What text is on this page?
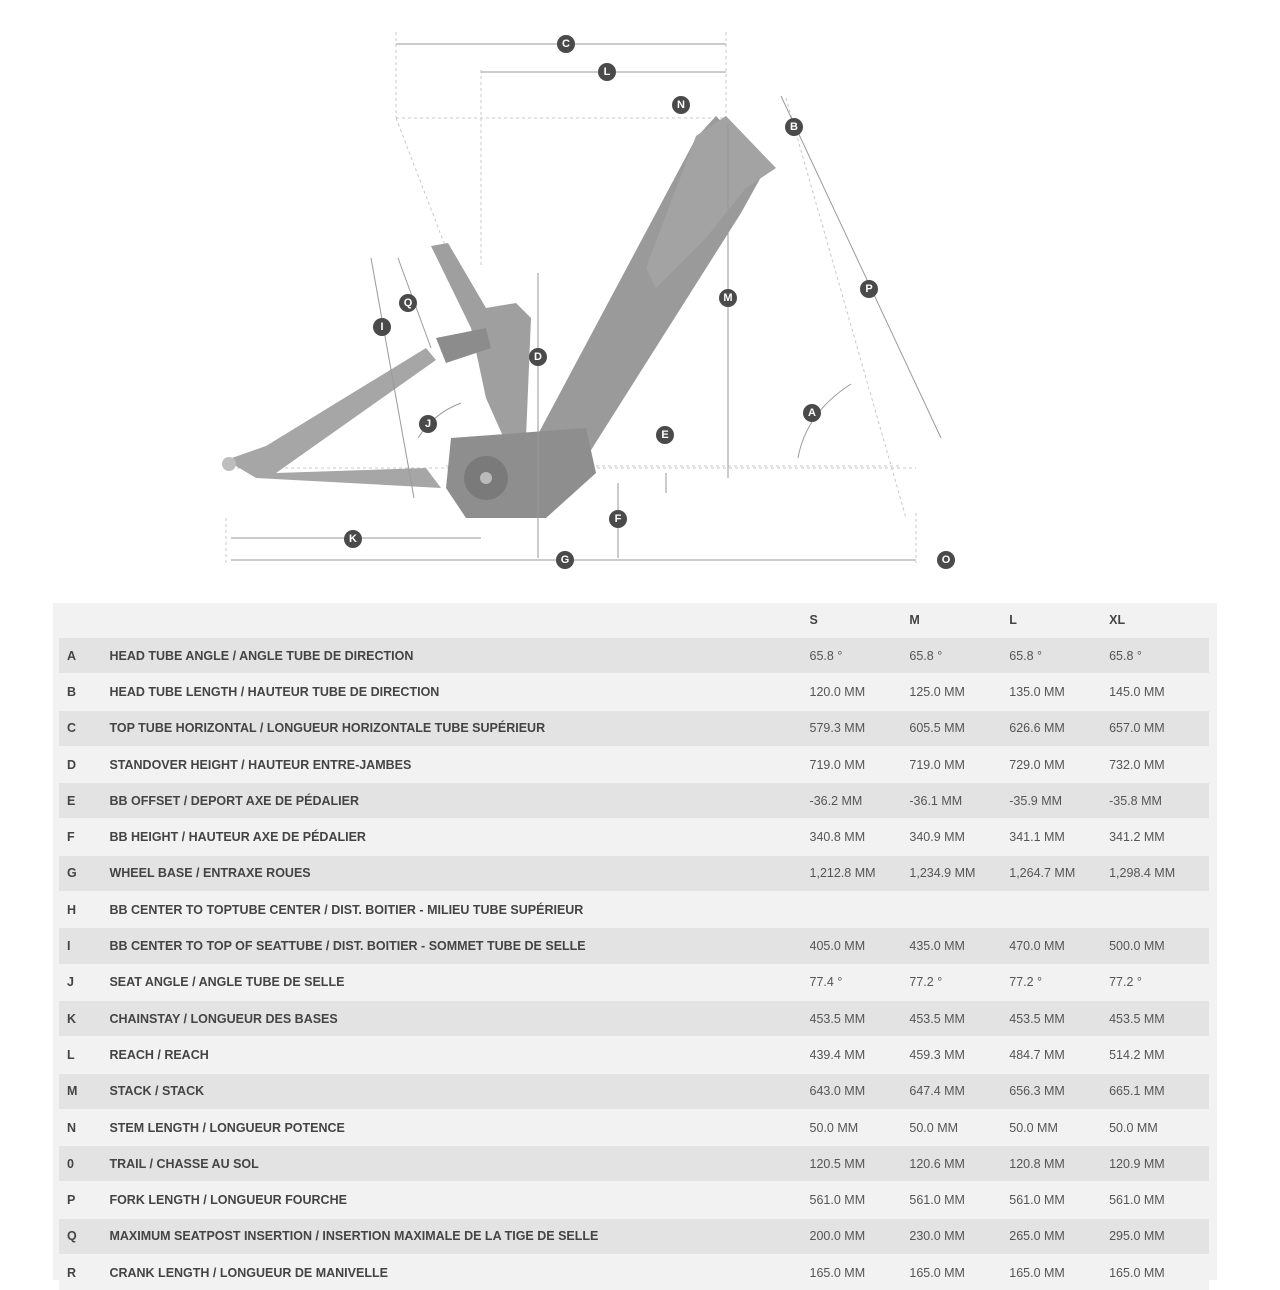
C
L
N
B
M
P
Q
I
D
A
J
E
F
K
G	O
		S	M	L	XL
A	HEAD TUBE ANGLE / ANGLE TUBE DE DIRECTION	65.8 °	65.8 °	65.8 °	65.8 °
B	HEAD TUBE LENGTH / HAUTEUR TUBE DE DIRECTION	120.0 MM	125.0 MM	135.0 MM	145.0 MM
C	TOP TUBE HORIZONTAL / LONGUEUR HORIZONTALE TUBE SUPÉRIEUR	579.3 MM	605.5 MM	626.6 MM	657.0 MM
D	STANDOVER HEIGHT / HAUTEUR ENTRE-JAMBES	719.0 MM	719.0 MM	729.0 MM	732.0 MM
E	BB OFFSET / DEPORT AXE DE PÉDALIER	-36.2 MM	-36.1 MM	-35.9 MM	-35.8 MM
F	BB HEIGHT / HAUTEUR AXE DE PÉDALIER	340.8 MM	340.9 MM	341.1 MM	341.2 MM
G	WHEEL BASE / ENTRAXE ROUES	1,212.8 MM	1,234.9 MM	1,264.7 MM	1,298.4 MM
H	BB CENTER TO TOPTUBE CENTER / DIST. BOITIER - MILIEU TUBE SUPÉRIEUR				
I	BB CENTER TO TOP OF SEATTUBE / DIST. BOITIER - SOMMET TUBE DE SELLE	405.0 MM	435.0 MM	470.0 MM	500.0 MM
J	SEAT ANGLE / ANGLE TUBE DE SELLE	77.4 °	77.2 °	77.2 °	77.2 °
K	CHAINSTAY / LONGUEUR DES BASES	453.5 MM	453.5 MM	453.5 MM	453.5 MM
L	REACH / REACH	439.4 MM	459.3 MM	484.7 MM	514.2 MM
M	STACK / STACK	643.0 MM	647.4 MM	656.3 MM	665.1 MM
N	STEM LENGTH / LONGUEUR POTENCE	50.0 MM	50.0 MM	50.0 MM	50.0 MM
0	TRAIL / CHASSE AU SOL	120.5 MM	120.6 MM	120.8 MM	120.9 MM
P	FORK LENGTH / LONGUEUR FOURCHE	561.0 MM	561.0 MM	561.0 MM	561.0 MM
Q	MAXIMUM SEATPOST INSERTION / INSERTION MAXIMALE DE LA TIGE DE SELLE	200.0 MM	230.0 MM	265.0 MM	295.0 MM
R	CRANK LENGTH / LONGUEUR DE MANIVELLE	165.0 MM	165.0 MM	165.0 MM	165.0 MM
